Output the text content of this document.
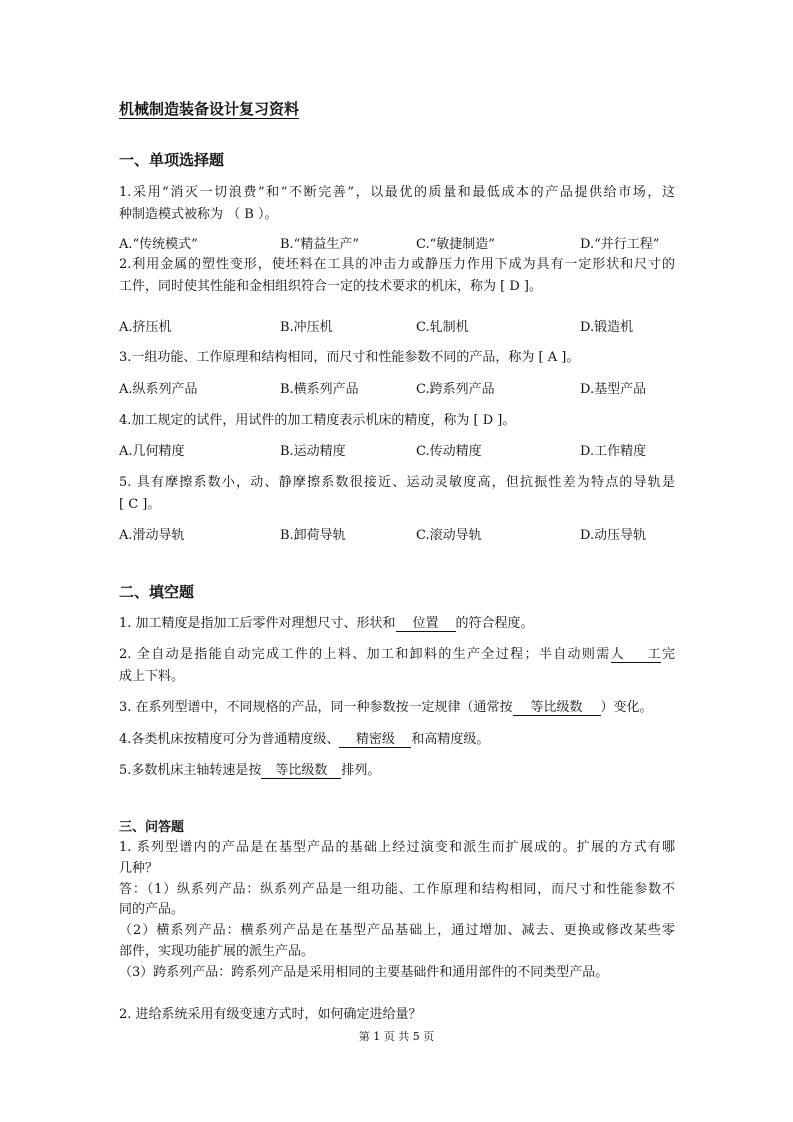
机械制造装备设计复习资料
一、单项选择题
1.采用“消灭一切浪费”和“不断完善”，以最优的质量和最低成本的产品提供给市场，这
种制造模式被称为 （ B ）。
A.“传统模式”	B.“精益生产”	C.“敏捷制造”	D.“并行工程”
2.利用金属的塑性变形，使坯料在工具的冲击力或静压力作用下成为具有一定形状和尺寸的
工件，同时使其性能和金相组织符合一定的技术要求的机床，称为 [ D ]。
A.挤压机	B.冲压机	C.轧制机	D.锻造机
3.一组功能、工作原理和结构相同，而尺寸和性能参数不同的产品，称为 [ A ]。
A.纵系列产品	B.横系列产品	C.跨系列产品	D.基型产品
4.加工规定的试件，用试件的加工精度表示机床的精度，称为 [ D ]。
A.几何精度	B.运动精度	C.传动精度	D.工作精度
5. 具有摩擦系数小，动、静摩擦系数很接近、运动灵敏度高，但抗振性差为特点的导轨是
[ C ]。
A.滑动导轨	B.卸荷导轨	C.滚动导轨	D.动压导轨
二、填空题
1. 加工精度是指加工后零件对理想尺寸、形状和 位置 的符合程度。
2. 全自动是指能自动完成工件的上料、加工和卸料的生产全过程；半自动则需人工完
成上下料。
3. 在系列型谱中，不同规格的产品，同一种参数按一定规律（通常按 等比级数 ）变化。
4.各类机床按精度可分为普通精度级、 精密级 和高精度级。
5.多数机床主轴转速是按 等比级数 排列。
三、问答题
1. 系列型谱内的产品是在基型产品的基础上经过演变和派生而扩展成的。扩展的方式有哪
几种？
答：（1）纵系列产品：纵系列产品是一组功能、工作原理和结构相同，而尺寸和性能参数不
同的产品。
（2）横系列产品：横系列产品是在基型产品基础上，通过增加、减去、更换或修改某些零
部件，实现功能扩展的派生产品。
（3）跨系列产品：跨系列产品是采用相同的主要基础件和通用部件的不同类型产品。
2. 进给系统采用有级变速方式时，如何确定进给量？
第 1 页 共 5 页
